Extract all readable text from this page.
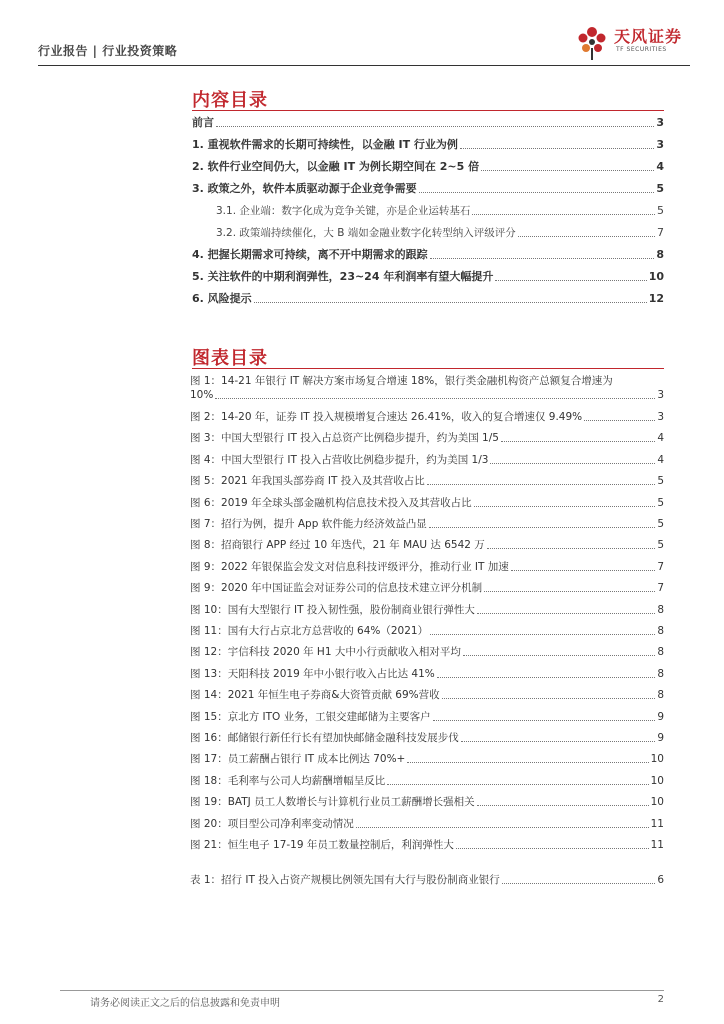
行业报告 | 行业投资策略
天风证券
TF SECURITIES
内容目录
前言	3
1. 重视软件需求的长期可持续性，以金融 IT 行业为例	3
2. 软件行业空间仍大，以金融 IT 为例长期空间在 2~5 倍	4
3. 政策之外，软件本质驱动源于企业竞争需要	5
3.1. 企业端：数字化成为竞争关键，亦是企业运转基石	5
3.2. 政策端持续催化，大 B 端如金融业数字化转型纳入评级评分	7
4. 把握长期需求可持续，离不开中期需求的跟踪	8
5. 关注软件的中期利润弹性，23~24 年利润率有望大幅提升	10
6. 风险提示	12
图表目录
图 1：14-21 年银行 IT 解决方案市场复合增速 18%，银行类金融机构资产总额复合增速为
10%	3
图 2：14-20 年，证券 IT 投入规模增复合速达 26.41%，收入的复合增速仅 9.49%	3
图 3：中国大型银行 IT 投入占总资产比例稳步提升，约为美国 1/5	4
图 4：中国大型银行 IT 投入占营收比例稳步提升，约为美国 1/3	4
图 5：2021 年我国头部券商 IT 投入及其营收占比	5
图 6：2019 年全球头部金融机构信息技术投入及其营收占比	5
图 7：招行为例，提升 App 软件能力经济效益凸显	5
图 8：招商银行 APP 经过 10 年迭代，21 年 MAU 达 6542 万	5
图 9：2022 年银保监会发文对信息科技评级评分，推动行业 IT 加速	7
图 9：2020 年中国证监会对证券公司的信息技术建立评分机制	7
图 10：国有大型银行 IT 投入韧性强，股份制商业银行弹性大	8
图 11：国有大行占京北方总营收的 64%（2021）	8
图 12：宇信科技 2020 年 H1 大中小行贡献收入相对平均	8
图 13：天阳科技 2019 年中小银行收入占比达 41%	8
图 14：2021 年恒生电子券商&大资管贡献 69%营收	8
图 15：京北方 ITO 业务，工银交建邮储为主要客户	9
图 16：邮储银行新任行长有望加快邮储金融科技发展步伐	9
图 17：员工薪酬占银行 IT 成本比例达 70%+	10
图 18：毛利率与公司人均薪酬增幅呈反比	10
图 19：BATJ 员工人数增长与计算机行业员工薪酬增长强相关	10
图 20：项目型公司净利率变动情况	11
图 21：恒生电子 17-19 年员工数量控制后，利润弹性大	11
表 1：招行 IT 投入占资产规模比例领先国有大行与股份制商业银行	6
请务必阅读正文之后的信息披露和免责申明	2
